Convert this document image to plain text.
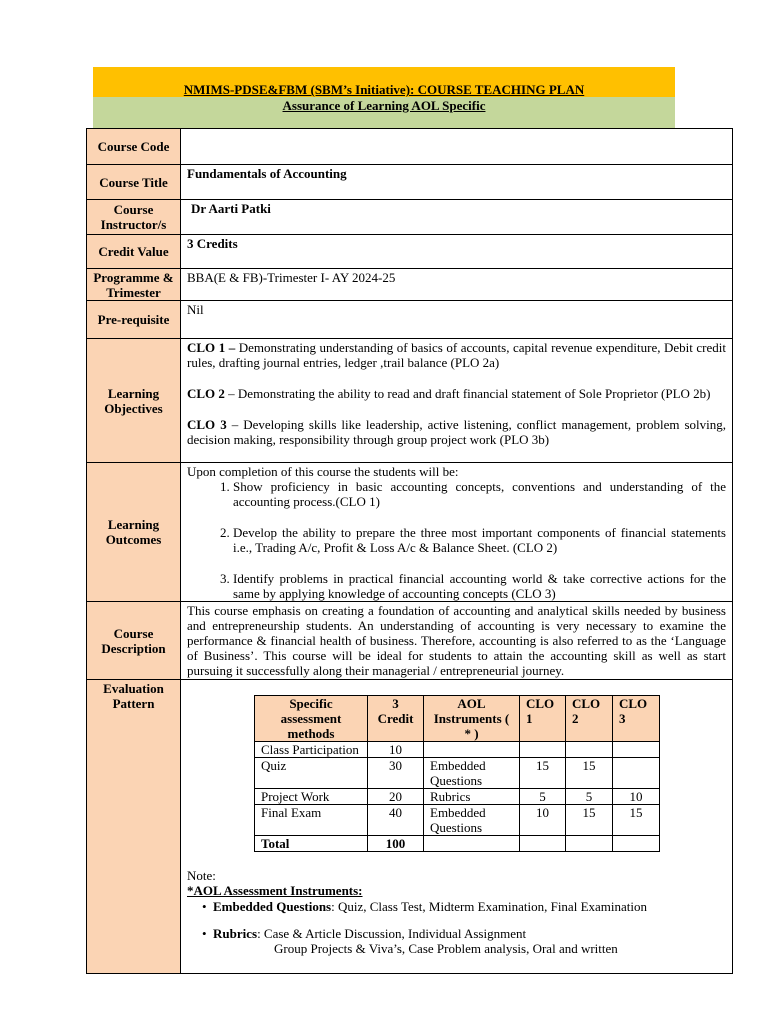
NMIMS-PDSE&FBM (SBM’s Initiative): COURSE TEACHING PLAN
Assurance of Learning AOL Specific
Course Code	
Course Title	Fundamentals of Accounting
Course Instructor/s	Dr Aarti Patki
Credit Value	3 Credits
Programme & Trimester	BBA(E & FB)-Trimester I- AY 2024-25
Pre-requisite	Nil
Learning Objectives	

CLO 1 – Demonstrating understanding of basics of accounts, capital revenue expenditure, Debit credit rules, drafting journal entries, ledger ,trail balance (PLO 2a)

CLO 2 – Demonstrating the ability to read and draft financial statement of Sole Proprietor (PLO 2b)

CLO 3 – Developing skills like leadership, active listening, conflict management, problem solving, decision making, responsibility through group project work (PLO 3b)

Learning Outcomes	
Upon completion of this course the students will be:
1. Show proficiency in basic accounting concepts, conventions and understanding of the accounting process.(CLO 1)
2. Develop the ability to prepare the three most important components of financial statements i.e., Trading A/c, Profit & Loss A/c & Balance Sheet. (CLO 2)
3. Identify problems in practical financial accounting world & take corrective actions for the same by applying knowledge of accounting concepts (CLO 3)

Course Description	

This course emphasis on creating a foundation of accounting and analytical skills needed by business and entrepreneurship students. An understanding of accounting is very necessary to examine the performance & financial health of business. Therefore, accounting is also referred to as the ‘Language of Business’. This course will be ideal for students to attain the accounting skill as well as start pursuing it successfully along their managerial / entrepreneurial journey.

Evaluation Pattern		Specific assessment methods	3 Credit	AOL Instruments ( * )	CLO 1	CLO 2	CLO 3
Class Participation	10				
Quiz	30	Embedded Questions	15	15	
Project Work	20	Rubrics	5	5	10
Final Exam	40	Embedded Questions	10	15	15
Total	100				
Note:
*AOL Assessment Instruments:
• Embedded Questions: Quiz, Class Test, Midterm Examination, Final Examination
• Rubrics: Case & Article Discussion, Individual Assignment
Group Projects & Viva’s, Case Problem analysis, Oral and written
